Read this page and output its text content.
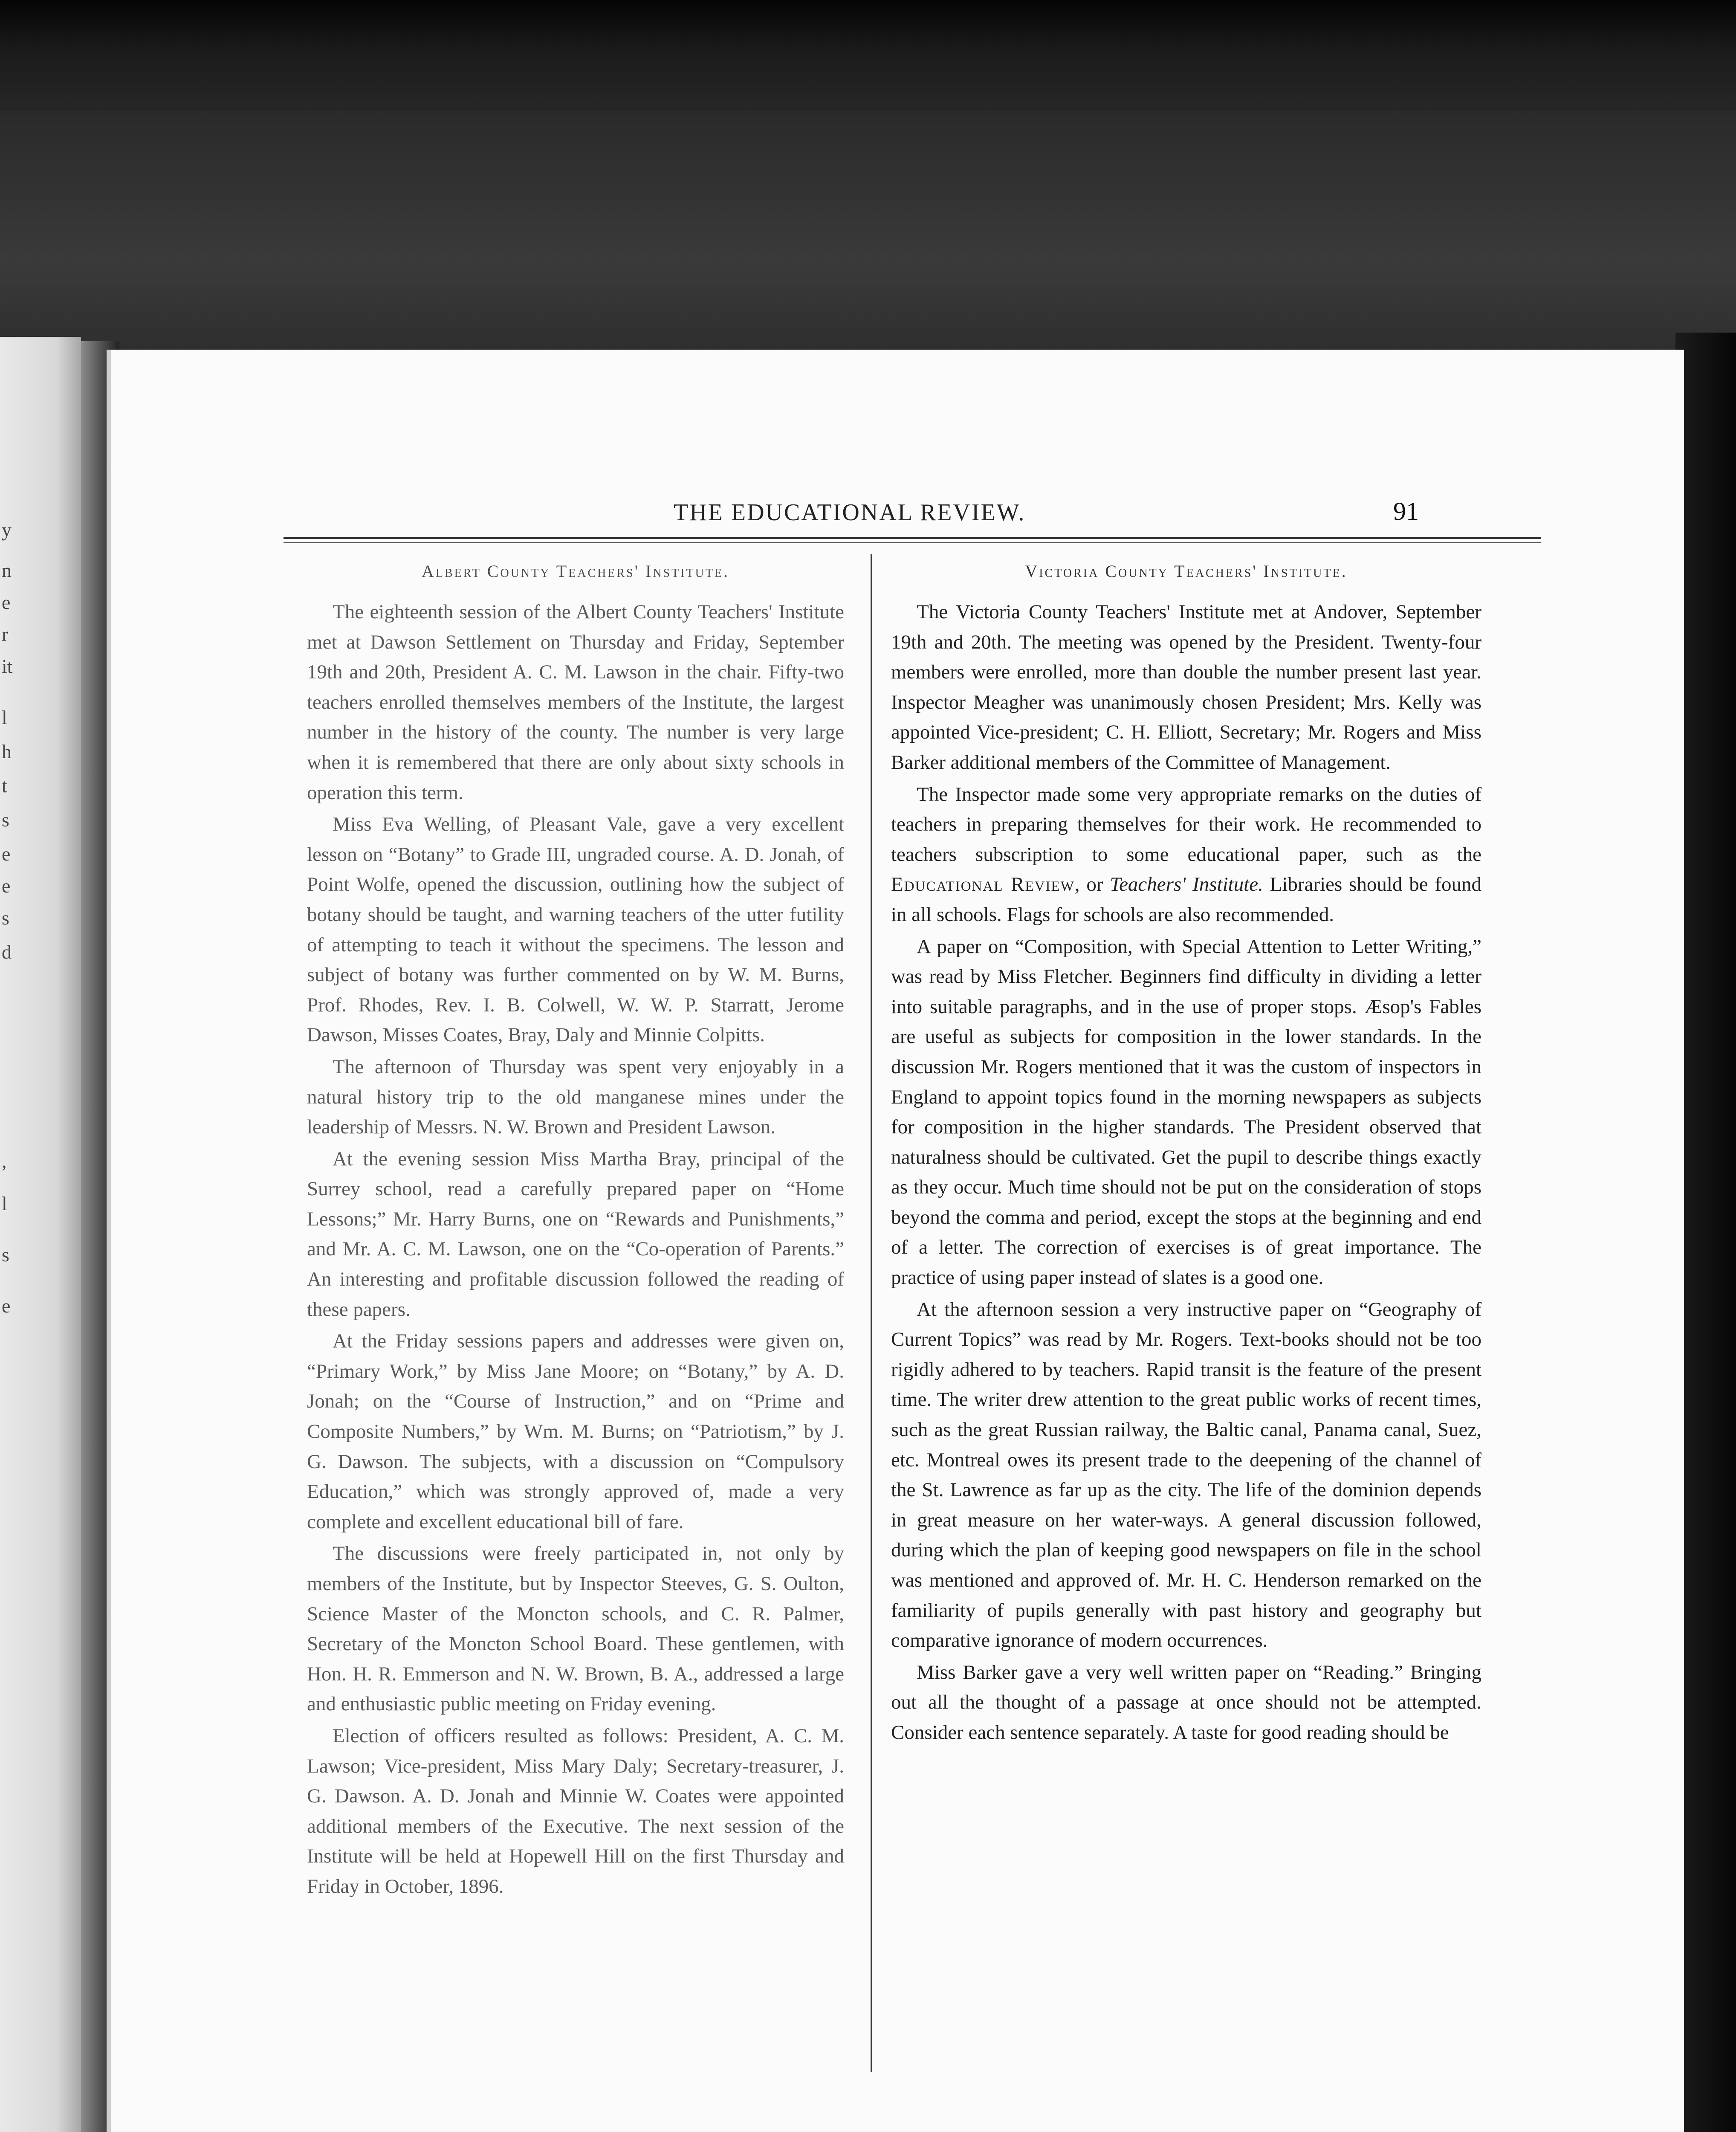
y
n
e
r
it
l
h
t
s
e
e
s
d
,
l
s
e
THE EDUCATIONAL REVIEW.	91
Albert County Teachers' Institute.

The eighteenth session of the Albert County Teachers' Institute met at Dawson Settlement on Thursday and Friday, September 19th and 20th, President A. C. M. Lawson in the chair. Fifty-two teachers enrolled themselves members of the Institute, the largest number in the history of the county. The number is very large when it is remembered that there are only about sixty schools in operation this term.

Miss Eva Welling, of Pleasant Vale, gave a very excellent lesson on “Botany” to Grade III, ungraded course. A. D. Jonah, of Point Wolfe, opened the discussion, outlining how the subject of botany should be taught, and warning teachers of the utter futility of attempting to teach it without the specimens. The lesson and subject of botany was further commented on by W. M. Burns, Prof. Rhodes, Rev. I. B. Colwell, W. W. P. Starratt, Jerome Dawson, Misses Coates, Bray, Daly and Minnie Colpitts.

The afternoon of Thursday was spent very enjoyably in a natural history trip to the old manganese mines under the leadership of Messrs. N. W. Brown and President Lawson.

At the evening session Miss Martha Bray, principal of the Surrey school, read a carefully prepared paper on “Home Lessons;” Mr. Harry Burns, one on “Rewards and Punishments,” and Mr. A. C. M. Lawson, one on the “Co-operation of Parents.” An interesting and profitable discussion followed the reading of these papers.

At the Friday sessions papers and addresses were given on, “Primary Work,” by Miss Jane Moore; on “Botany,” by A. D. Jonah; on the “Course of Instruction,” and on “Prime and Composite Numbers,” by Wm. M. Burns; on “Patriotism,” by J. G. Dawson. The subjects, with a discussion on “Compulsory Education,” which was strongly approved of, made a very complete and excellent educational bill of fare.

The discussions were freely participated in, not only by members of the Institute, but by Inspector Steeves, G. S. Oulton, Science Master of the Moncton schools, and C. R. Palmer, Secretary of the Moncton School Board. These gentlemen, with Hon. H. R. Emmerson and N. W. Brown, B. A., addressed a large and enthusiastic public meeting on Friday evening.

Election of officers resulted as follows: President, A. C. M. Lawson; Vice-president, Miss Mary Daly; Secretary-treasurer, J. G. Dawson. A. D. Jonah and Minnie W. Coates were appointed additional members of the Executive. The next session of the Institute will be held at Hopewell Hill on the first Thursday and Friday in October, 1896.

Victoria County Teachers' Institute.

The Victoria County Teachers' Institute met at Andover, September 19th and 20th. The meeting was opened by the President. Twenty-four members were enrolled, more than double the number present last year. Inspector Meagher was unanimously chosen President; Mrs. Kelly was appointed Vice-president; C. H. Elliott, Secretary; Mr. Rogers and Miss Barker additional members of the Committee of Management.

The Inspector made some very appropriate remarks on the duties of teachers in preparing themselves for their work. He recommended to teachers subscription to some educational paper, such as the Educational Review, or Teachers' Institute. Libraries should be found in all schools. Flags for schools are also recommended.

A paper on “Composition, with Special Attention to Letter Writing,” was read by Miss Fletcher. Beginners find difficulty in dividing a letter into suitable paragraphs, and in the use of proper stops. Æsop's Fables are useful as subjects for composition in the lower standards. In the discussion Mr. Rogers mentioned that it was the custom of inspectors in England to appoint topics found in the morning newspapers as subjects for composition in the higher standards. The President observed that naturalness should be cultivated. Get the pupil to describe things exactly as they occur. Much time should not be put on the consideration of stops beyond the comma and period, except the stops at the beginning and end of a letter. The correction of exercises is of great importance. The practice of using paper instead of slates is a good one.

At the afternoon session a very instructive paper on “Geography of Current Topics” was read by Mr. Rogers. Text-books should not be too rigidly adhered to by teachers. Rapid transit is the feature of the present time. The writer drew attention to the great public works of recent times, such as the great Russian railway, the Baltic canal, Panama canal, Suez, etc. Montreal owes its present trade to the deepening of the channel of the St. Lawrence as far up as the city. The life of the dominion depends in great measure on her water-ways. A general discussion followed, during which the plan of keeping good newspapers on file in the school was mentioned and approved of. Mr. H. C. Henderson remarked on the familiarity of pupils generally with past history and geography but comparative ignorance of modern occurrences.

Miss Barker gave a very well written paper on “Reading.” Bringing out all the thought of a passage at once should not be attempted. Consider each sentence separately. A taste for good reading should be
